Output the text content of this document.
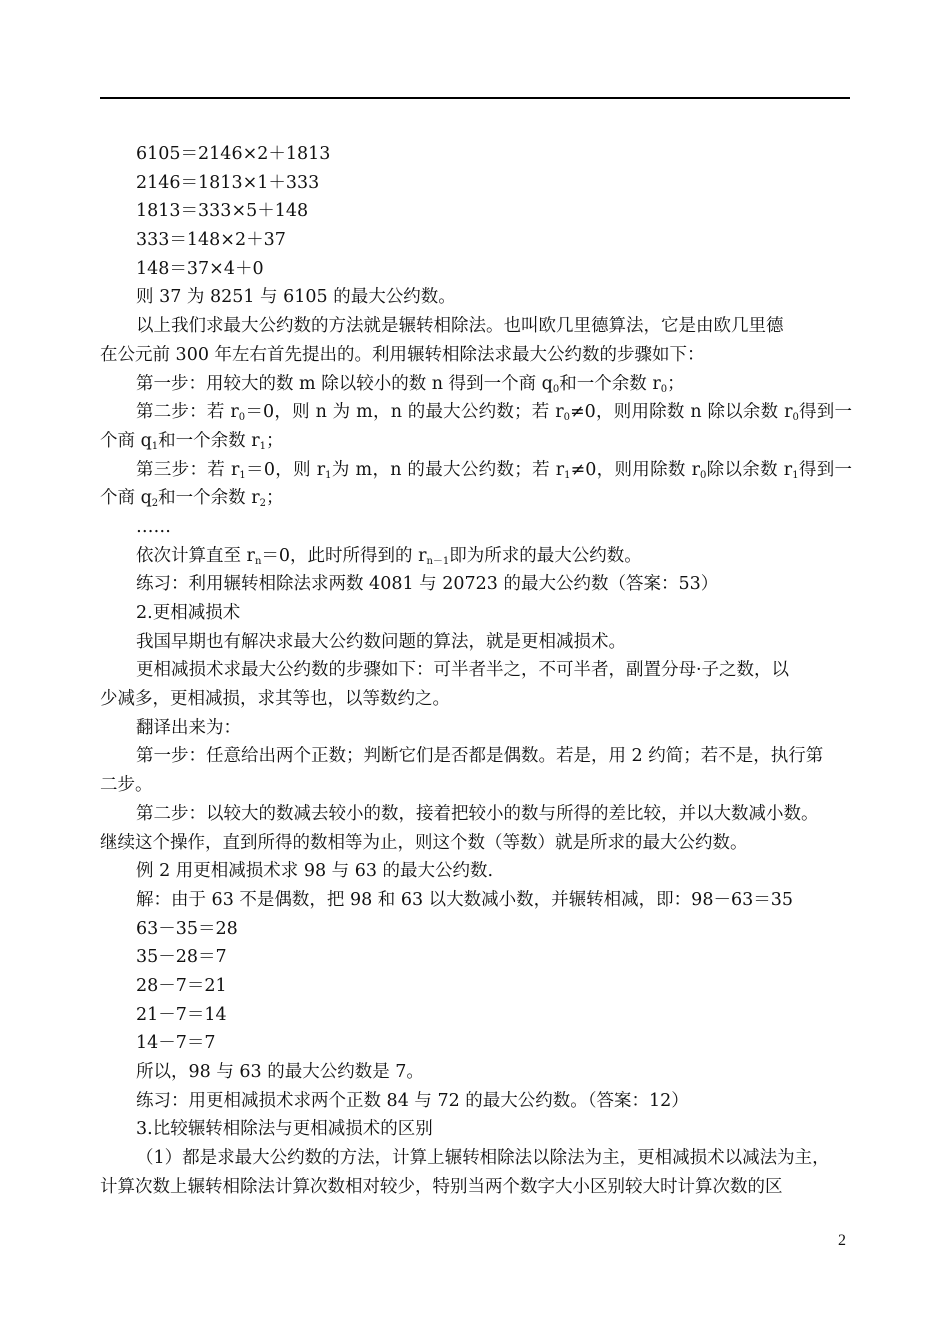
6105＝2146×2＋1813
2146＝1813×1＋333
1813＝333×5＋148
333＝148×2＋37
148＝37×4＋0
则 37 为 8251 与 6105 的最大公约数。
以上我们求最大公约数的方法就是辗转相除法。也叫欧几里德算法，它是由欧几里德
在公元前 300 年左右首先提出的。利用辗转相除法求最大公约数的步骤如下：
第一步：用较大的数 m 除以较小的数 n 得到一个商 $q_0$和一个余数 $r_0$；
第二步：若 $r_0=0$，则 n 为 m，n 的最大公约数；若 $r_0\ne 0$，则用除数 n 除以余数 $r_0$得到一
个商 $q_1$和一个余数 $r_1$；
第三步：若 $r_1=0$，则 $r_1$为 m，n 的最大公约数；若 $r_1\ne 0$，则用除数 $r_0$除以余数 $r_1$得到一
个商 $q_2$和一个余数 $r_2$；
……
依次计算直至 $r_n=0$，此时所得到的 $r_{n-1}$即为所求的最大公约数。
练习：利用辗转相除法求两数 4081 与 20723 的最大公约数（答案：53）
2.更相减损术
我国早期也有解决求最大公约数问题的算法，就是更相减损术。
更相减损术求最大公约数的步骤如下：可半者半之，不可半者，副置分母·子之数，以
少减多，更相减损，求其等也，以等数约之。
翻译出来为：
第一步：任意给出两个正数；判断它们是否都是偶数。若是，用 2 约简；若不是，执行第
二步。
第二步：以较大的数减去较小的数，接着把较小的数与所得的差比较，并以大数减小数。
继续这个操作，直到所得的数相等为止，则这个数（等数）就是所求的最大公约数。
例 2 用更相减损术求 98 与 63 的最大公约数.
解：由于 63 不是偶数，把 98 和 63 以大数减小数，并辗转相减，即：98－63＝35
63－35＝28
35－28＝7
28－7＝21
21－7＝14
14－7＝7
所以，98 与 63 的最大公约数是 7。
练习：用更相减损术求两个正数 84 与 72 的最大公约数。（答案：12）
3.比较辗转相除法与更相减损术的区别
（1）都是求最大公约数的方法，计算上辗转相除法以除法为主，更相减损术以减法为主，
计算次数上辗转相除法计算次数相对较少，特别当两个数字大小区别较大时计算次数的区
2
